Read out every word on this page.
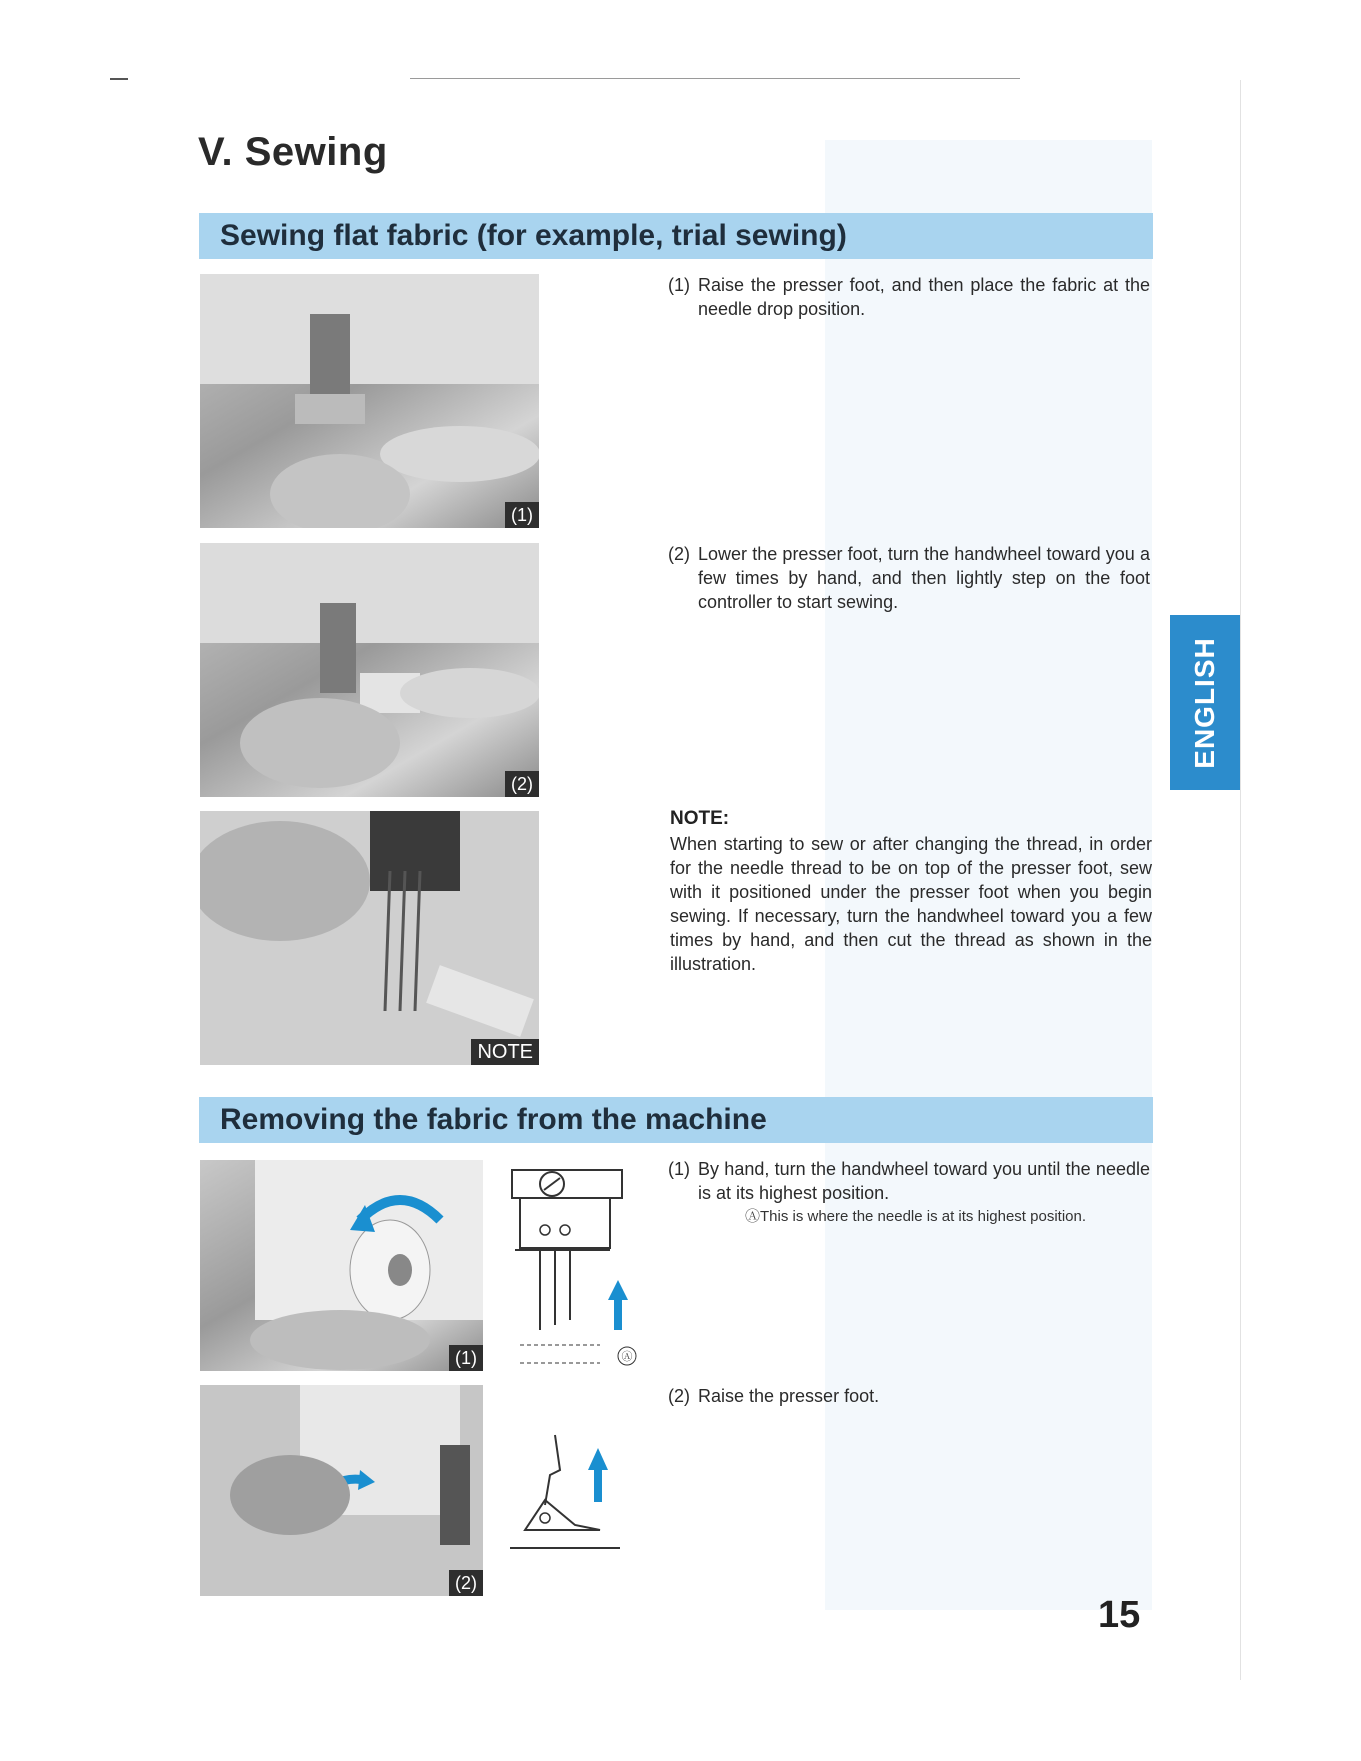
V. Sewing
Sewing flat fabric (for example, trial sewing)
(1)
(2)
NOTE
(1) Raise the presser foot, and then place the fabric at the needle drop position.
(2) Lower the presser foot, turn the handwheel toward you a few times by hand, and then lightly step on the foot controller to start sewing.
NOTE:
When starting to sew or after changing the thread, in order for the needle thread to be on top of the presser foot, sew with it positioned under the presser foot when you begin sewing. If necessary, turn the handwheel toward you a few times by hand, and then cut the thread as shown in the illustration.
Removing the fabric from the machine
(1)
(2)
Ⓐ
(1) By hand, turn the handwheel toward you until the needle is at its highest position.
ⒶThis is where the needle is at its highest position.
(2) Raise the presser foot.
ENGLISH
15
